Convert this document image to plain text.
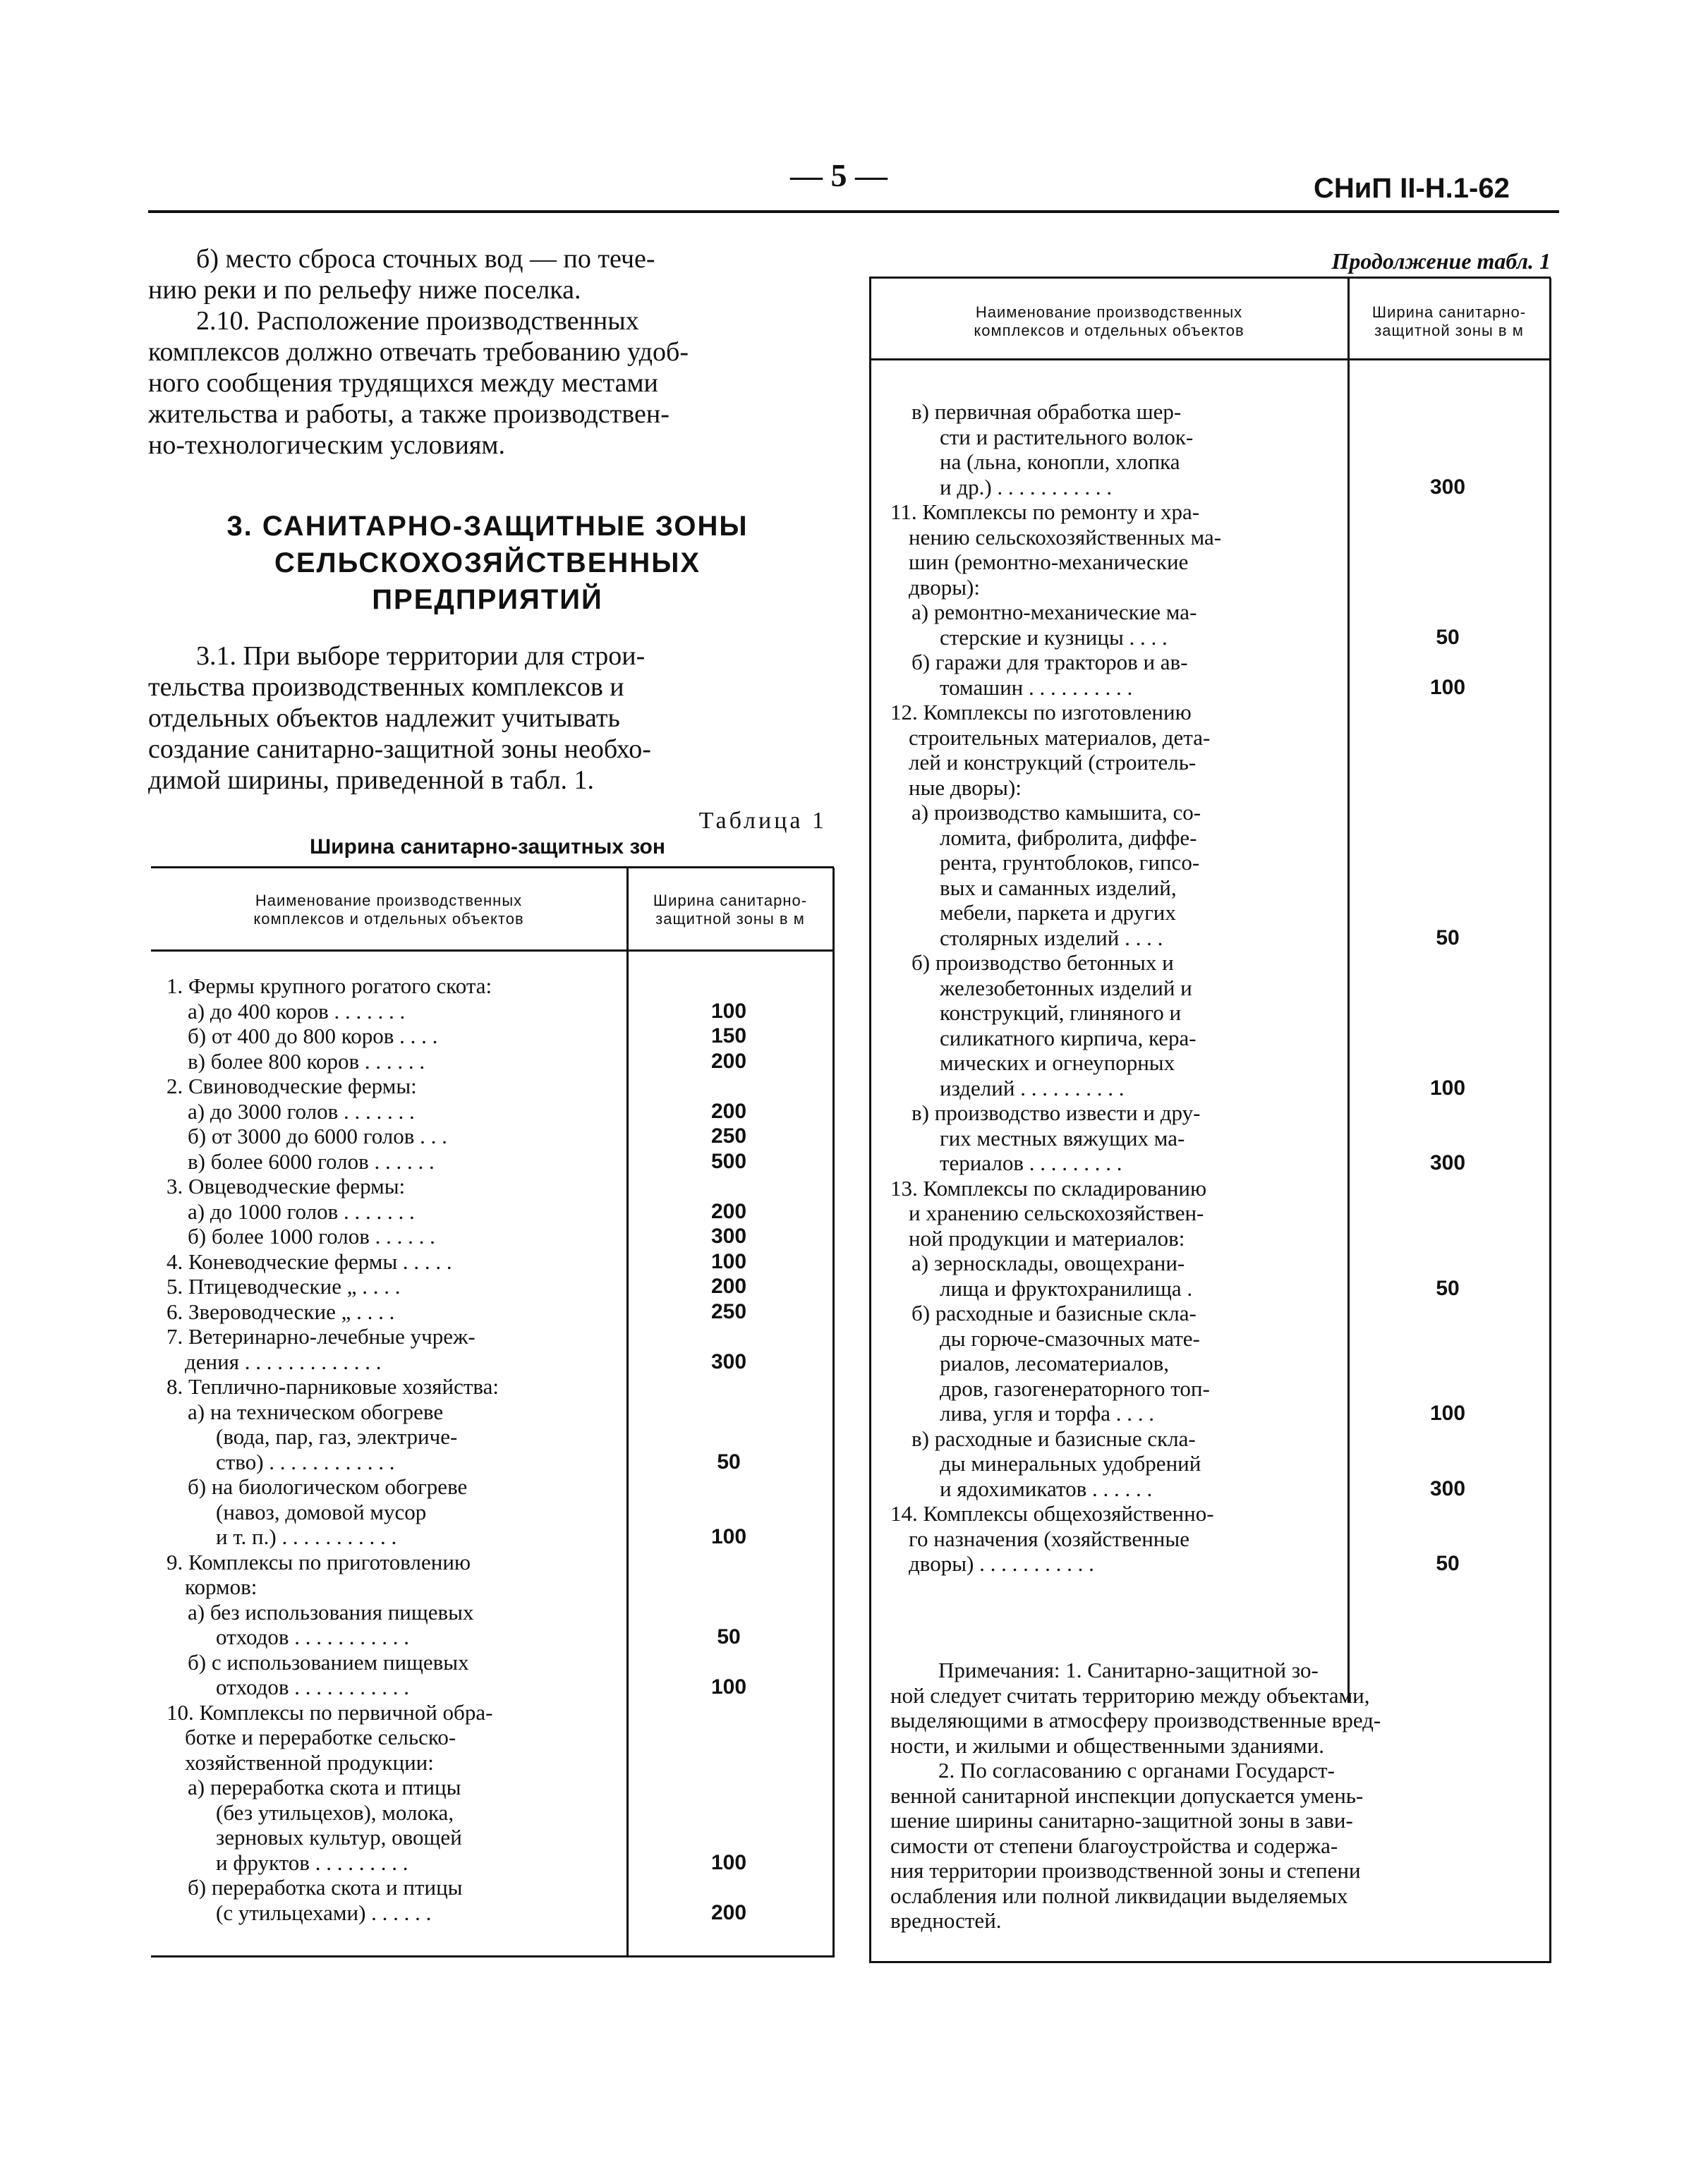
— 5 —	СНиП II-Н.1-62
б) место сброса сточных вод — по тече-
нию реки и по рельефу ниже поселка.
2.10. Расположение производственных
комплексов должно отвечать требованию удоб-
ного сообщения трудящихся между местами
жительства и работы, а также производствен-
но-технологическим условиям.
3. САНИТАРНО-ЗАЩИТНЫЕ ЗОНЫ
СЕЛЬСКОХОЗЯЙСТВЕННЫХ
ПРЕДПРИЯТИЙ
3.1. При выборе территории для строи-
тельства производственных комплексов и
отдельных объектов надлежит учитывать
создание санитарно-защитной зоны необхо-
димой ширины, приведенной в табл. 1.
Таблица 1
Ширина санитарно-защитных зон
Наименование производственных
комплексов и отдельных объектов
Ширина санитарно-
защитной зоны в м
1. Фермы крупного рогатого скота:
а) до 400 коров . . . . . . .	100
б) от 400 до 800 коров . . . .	150
в) более 800 коров . . . . . .	200
2. Свиноводческие фермы:
а) до 3000 голов . . . . . . .	200
б) от 3000 до 6000 голов . . .	250
в) более 6000 голов . . . . . .	500
3. Овцеводческие фермы:
а) до 1000 голов . . . . . . .	200
б) более 1000 голов . . . . . .	300
4. Коневодческие фермы . . . . .	100
5. Птицеводческие „ . . . .	200
6. Звероводческие „ . . . .	250
7. Ветеринарно-лечебные учреж-
дения . . . . . . . . . . . . .	300
8. Теплично-парниковые хозяйства:
а) на техническом обогреве
(вода, пар, газ, электриче-
ство) . . . . . . . . . . . .	50
б) на биологическом обогреве
(навоз, домовой мусор
и т. п.) . . . . . . . . . . .	100
9. Комплексы по приготовлению
кормов:
а) без использования пищевых
отходов . . . . . . . . . . .	50
б) с использованием пищевых
отходов . . . . . . . . . . .	100
10. Комплексы по первичной обра-
ботке и переработке сельско-
хозяйственной продукции:
а) переработка скота и птицы
(без утильцехов), молока,
зерновых культур, овощей
и фруктов . . . . . . . . .	100
б) переработка скота и птицы
(с утильцехами) . . . . . .	200
Продолжение табл. 1
Наименование производственных
комплексов и отдельных объектов
Ширина санитарно-
защитной зоны в м
в) первичная обработка шер-
сти и растительного волок-
на (льна, конопли, хлопка
и др.) . . . . . . . . . . .	300
11. Комплексы по ремонту и хра-
нению сельскохозяйственных ма-
шин (ремонтно-механические
дворы):
а) ремонтно-механические ма-
стерские и кузницы . . . .	50
б) гаражи для тракторов и ав-
томашин . . . . . . . . . .	100
12. Комплексы по изготовлению
строительных материалов, дета-
лей и конструкций (строитель-
ные дворы):
а) производство камышита, со-
ломита, фибролита, диффе-
рента, грунтоблоков, гипсо-
вых и саманных изделий,
мебели, паркета и других
столярных изделий . . . .	50
б) производство бетонных и
железобетонных изделий и
конструкций, глиняного и
силикатного кирпича, кера-
мических и огнеупорных
изделий . . . . . . . . . .	100
в) производство извести и дру-
гих местных вяжущих ма-
териалов . . . . . . . . .	300
13. Комплексы по складированию
и хранению сельскохозяйствен-
ной продукции и материалов:
а) зерносклады, овощехрани-
лища и фруктохранилища .	50
б) расходные и базисные скла-
ды горюче-смазочных мате-
риалов, лесоматериалов,
дров, газогенераторного топ-
лива, угля и торфа . . . .	100
в) расходные и базисные скла-
ды минеральных удобрений
и ядохимикатов . . . . . .	300
14. Комплексы общехозяйственно-
го назначения (хозяйственные
дворы) . . . . . . . . . . .	50
Примечания: 1. Санитарно-защитной зо-
ной следует считать территорию между объектами,
выделяющими в атмосферу производственные вред-
ности, и жилыми и общественными зданиями.
2. По согласованию с органами Государст-
венной санитарной инспекции допускается умень-
шение ширины санитарно-защитной зоны в зави-
симости от степени благоустройства и содержа-
ния территории производственной зоны и степени
ослабления или полной ликвидации выделяемых
вредностей.
